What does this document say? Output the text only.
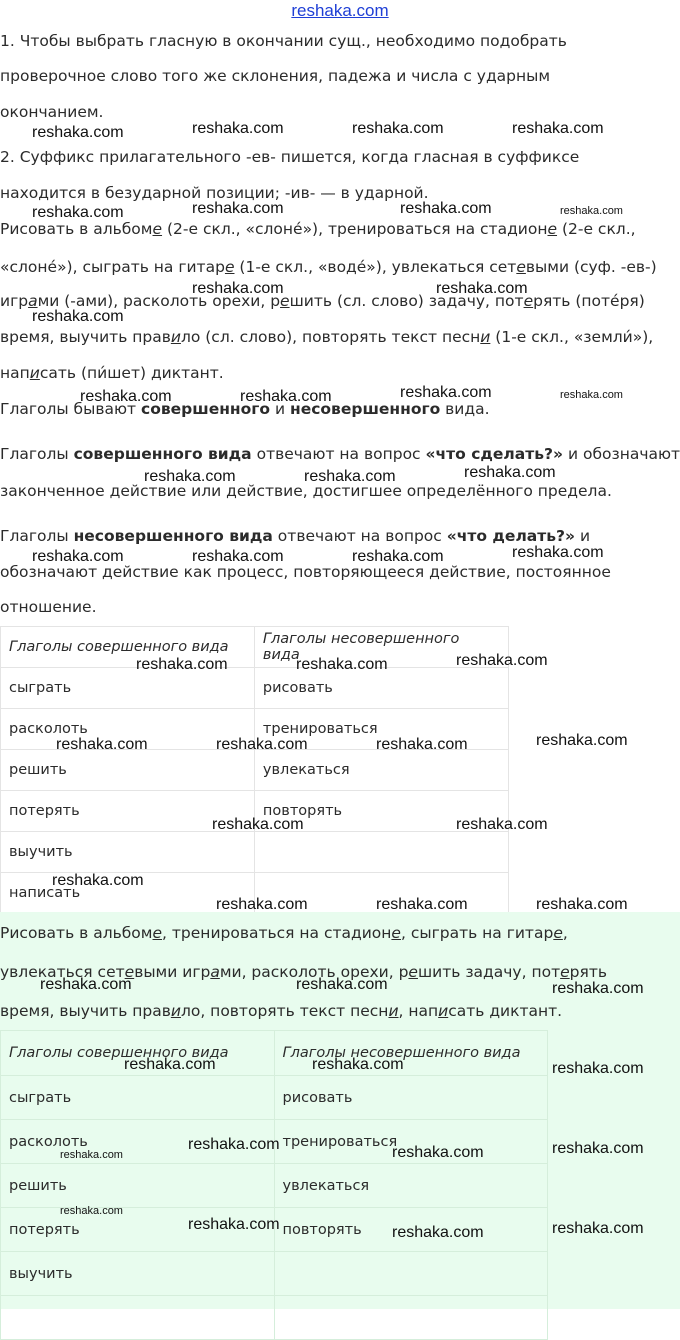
reshaka.com

1. Чтобы выбрать гласную в окончании сущ., необходимо подобрать

проверочное слово того же склонения, падежа и числа с ударным

окончанием.

2. Суффикс прилагательного -ев- пишется, когда гласная в суффиксе

находится в безударной позиции; -ив- — в ударной.

Рисовать в альбоме (2-е скл., «слоне́»), тренироваться на стадионе (2-е скл.,

«слоне́»), сыграть на гитаре (1-е скл., «воде́»), увлекаться сетевыми (суф. -ев-)

играми (-ами), расколоть орехи, решить (сл. слово) задачу, потерять (поте́ря)

время, выучить правило (сл. слово), повторять текст песни (1-е скл., «земли́»),

написать (пи́шет) диктант.

Глаголы бывают совершенного и несовершенного вида.

Глаголы совершенного вида отвечают на вопрос «что сделать?» и обозначают

законченное действие или действие, достигшее определённого предела.

Глаголы несовершенного вида отвечают на вопрос «что делать?» и

обозначают действие как процесс, повторяющееся действие, постоянное

отношение.

Глаголы совершенного вида	Глаголы несовершенного вида
сыграть	рисовать
расколоть	тренироваться
решить	увлекаться
потерять	повторять
выучить	
написать	

Рисовать в альбоме, тренироваться на стадионе, сыграть на гитаре,

увлекаться сетевыми играми, расколоть орехи, решить задачу, потерять

время, выучить правило, повторять текст песни, написать диктант.

Глаголы совершенного вида	Глаголы несовершенного вида
сыграть	рисовать
расколоть	тренироваться
решить	увлекаться
потерять	повторять
выучить	

reshaka.com	reshaka.com	reshaka.com	reshaka.com
reshaka.com	reshaka.com	reshaka.com	reshaka.com
reshaka.com	reshaka.com
reshaka.com
reshaka.com	reshaka.com	reshaka.com	reshaka.com
reshaka.com	reshaka.com	reshaka.com
reshaka.com	reshaka.com	reshaka.com	reshaka.com
reshaka.com	reshaka.com	reshaka.com
reshaka.com	reshaka.com	reshaka.com	reshaka.com
reshaka.com	reshaka.com
reshaka.com
reshaka.com	reshaka.com	reshaka.com
reshaka.com	reshaka.com	reshaka.com
reshaka.com	reshaka.com	reshaka.com
reshaka.com	reshaka.com	reshaka.com
reshaka.com
reshaka.com
reshaka.com	reshaka.com	reshaka.com
